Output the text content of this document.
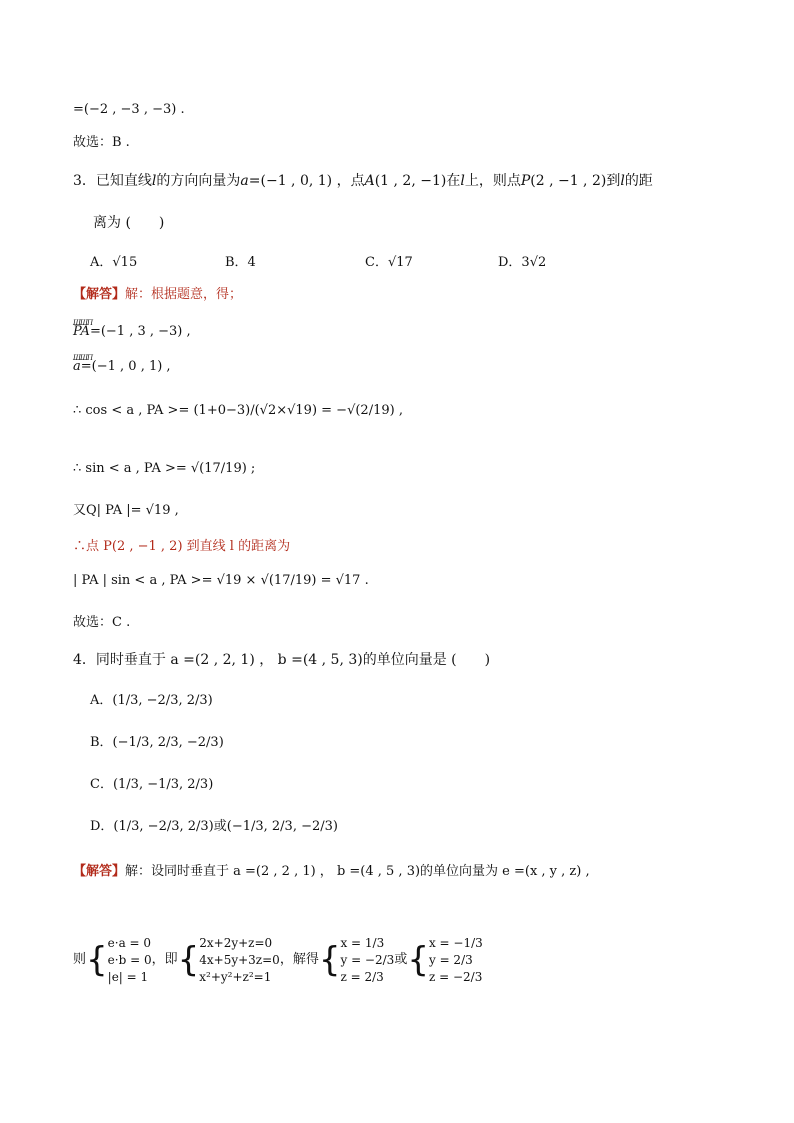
=(−2 , −3 , −3) .
故选：B .
3．已知直线l的方向向量为a=(−1 , 0, 1) ，点A(1 , 2, −1)在l上，则点P(2 , −1 , 2)到l的距
离为 (　　)
A．√15	B．4	C．√17	D．3√2
【解答】解：根据题意，得；
ШШП PA=(−1 , 3 , −3) ,
ШШП a=(−1 , 0 , 1) ,
∴ cos < a , PA >= (1+0−3)/(√2×√19) = −√(2/19) ,
∴ sin < a , PA >= √(17/19) ;
又Q| PA |= √19 ,
∴点 P(2 , −1 , 2) 到直线 l 的距离为
| PA | sin < a , PA >= √19 × √(17/19) = √17 .
故选：C .
4．同时垂直于 a =(2 , 2, 1) ， b =(4 , 5, 3)的单位向量是 (　　)
A．(1/3, −2/3, 2/3)
B．(−1/3, 2/3, −2/3)
C．(1/3, −1/3, 2/3)
D．(1/3, −2/3, 2/3)或(−1/3, 2/3, −2/3)
【解答】解：设同时垂直于 a =(2 , 2 , 1) ， b =(4 , 5 , 3)的单位向量为 e =(x , y , z) ,
则 { e·a = 0
e·b = 0
|e| = 1
，即 { 2x+2y+z=0
4x+5y+3z=0
x²+y²+z²=1
，解得 { x = 1/3
y = −2/3
z = 2/3
或 { x = −1/3
y = 2/3
z = −2/3
